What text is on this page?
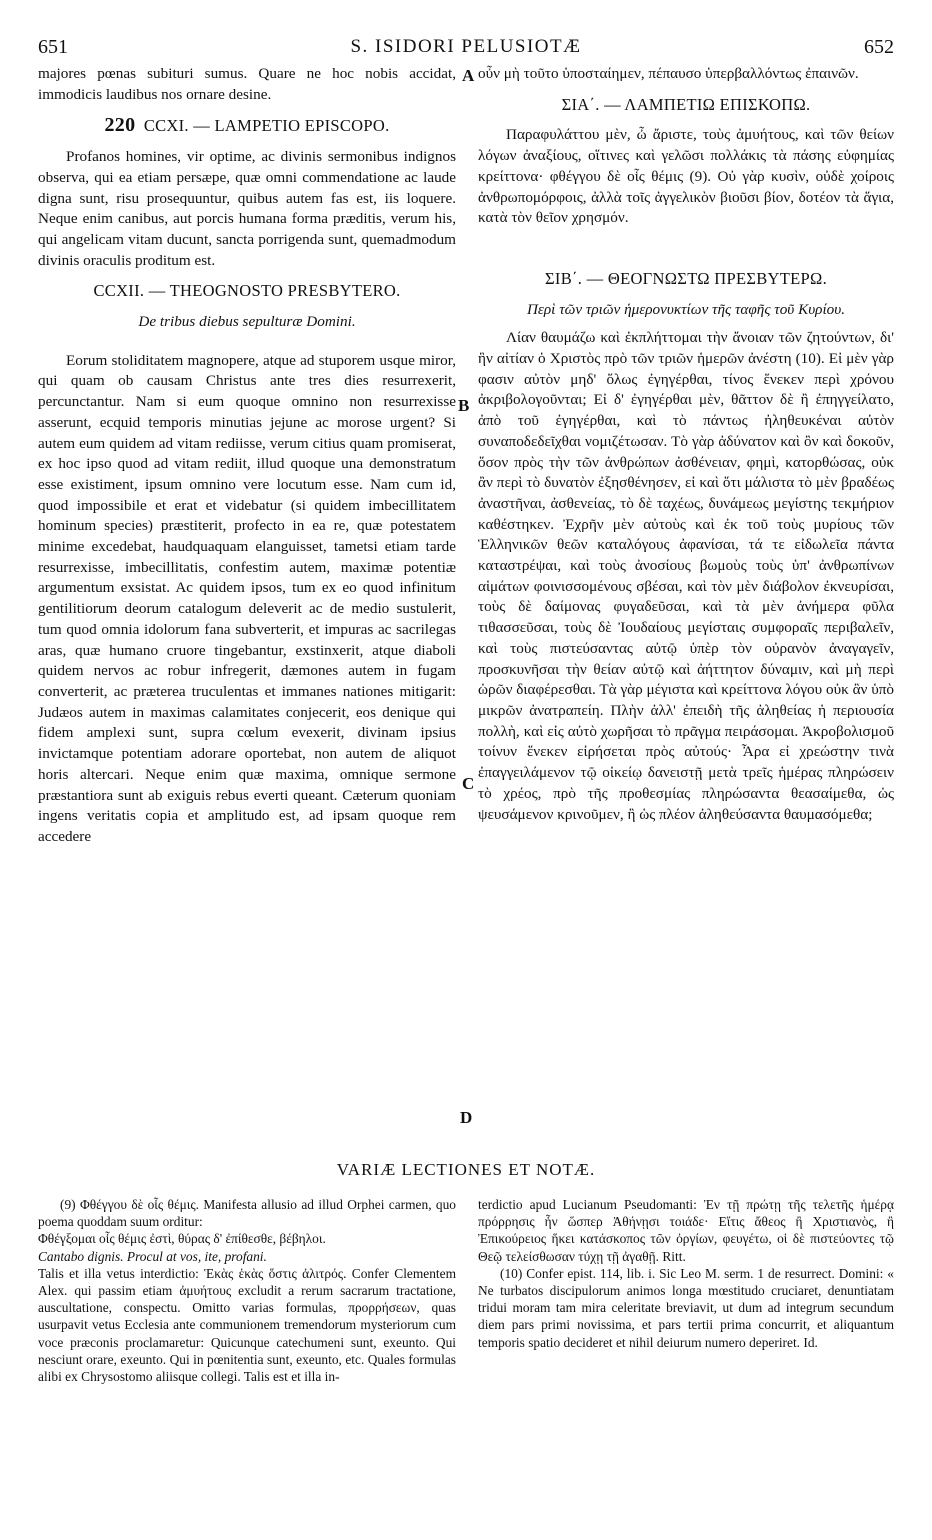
651	S. ISIDORI PELUSIOTÆ	652
A
B
C
D

majores pœnas subituri sumus. Quare ne hoc nobis accidat, immodicis laudibus nos ornare desine.

220 CCXI. — LAMPETIO EPISCOPO.

Profanos homines, vir optime, ac divinis sermonibus indignos observa, qui ea etiam persæpe, quæ omni commendatione ac laude digna sunt, risu prosequuntur, quibus autem fas est, iis loquere. Neque enim canibus, aut porcis humana forma præditis, verum his, qui angelicam vitam ducunt, sancta porrigenda sunt, quemadmodum divinis oraculis proditum est.

CCXII. — THEOGNOSTO PRESBYTERO.
De tribus diebus sepulturæ Domini.

Eorum stoliditatem magnopere, atque ad stuporem usque miror, qui quam ob causam Christus ante tres dies resurrexerit, percunctantur. Nam si eum quoque omnino non resurrexisse asserunt, ecquid temporis minutias jejune ac morose urgent? Si autem eum quidem ad vitam rediisse, verum citius quam promiserat, ex hoc ipso quod ad vitam rediit, illud quoque una demonstratum esse existiment, ipsum omnino vere locutum esse. Nam cum id, quod impossibile et erat et videbatur (si quidem imbecillitatem hominum species) præstiterit, profecto in ea re, quæ potestatem minime excedebat, haudquaquam elanguisset, tametsi etiam tarde resurrexisse, imbecillitatis, confestim autem, maximæ potentiæ argumentum exsistat. Ac quidem ipsos, tum ex eo quod infinitum gentilitiorum deorum catalogum deleverit ac de medio sustulerit, tum quod omnia idolorum fana subverterit, et impuras ac sacrilegas aras, quæ humano cruore tingebantur, exstinxerit, atque diaboli quidem nervos ac robur infregerit, dæmones autem in fugam converterit, ac præterea truculentas et immanes nationes mitigarit: Judæos autem in maximas calamitates conjecerit, eos denique qui fidem amplexi sunt, supra cœlum evexerit, divinam ipsius invictamque potentiam adorare oportebat, non autem de aliquot horis altercari. Neque enim quæ maxima, omnique sermone præstantiora sunt ab exiguis rebus everti queant. Cæterum quoniam ingens veritatis copia et amplitudo est, ad ipsam quoque rem accedere

οὖν μὴ τοῦτο ὑποσταίημεν, πέπαυσο ὑπερβαλλόντως ἐπαινῶν.

ΣΙΑ΄. — ΛΑΜΠΕΤΙΩ ΕΠΙΣΚΟΠΩ.

Παραφυλάττου μὲν, ὦ ἄριστε, τοὺς ἀμυήτους, καὶ τῶν θείων λόγων ἀναξίους, οἵτινες καὶ γελῶσι πολλάκις τὰ πάσης εὐφημίας κρείττονα· φθέγγου δὲ οἷς θέμις (9). Οὐ γὰρ κυσὶν, οὐδὲ χοίροις ἀνθρωπομόρφοις, ἀλλὰ τοῖς ἀγγελικὸν βιοῦσι βίον, δοτέον τὰ ἅγια, κατὰ τὸν θεῖον χρησμόν.

ΣΙΒ΄. — ΘΕΟΓΝΩΣΤΩ ΠΡΕΣΒΥΤΕΡΩ.
Περὶ τῶν τριῶν ἡμερονυκτίων τῆς ταφῆς τοῦ Κυρίου.

Λίαν θαυμάζω καὶ ἐκπλήττομαι τὴν ἄνοιαν τῶν ζητούντων, δι' ἣν αἰτίαν ὁ Χριστὸς πρὸ τῶν τριῶν ἡμερῶν ἀνέστη (10). Εἰ μὲν γὰρ φασιν αὐτὸν μηδ' ὅλως ἐγηγέρθαι, τίνος ἕνεκεν περὶ χρόνου ἀκριβολογοῦνται; Εἰ δ' ἐγηγέρθαι μὲν, θᾶττον δὲ ἢ ἐπηγγείλατο, ἀπὸ τοῦ ἐγηγέρθαι, καὶ τὸ πάντως ἠληθευκέναι αὐτὸν συναποδεδεῖχθαι νομιζέτωσαν. Τὸ γὰρ ἀδύνατον καὶ ὂν καὶ δοκοῦν, ὅσον πρὸς τὴν τῶν ἀνθρώπων ἀσθένειαν, φημὶ, κατορθώσας, οὐκ ἂν περὶ τὸ δυνατὸν ἐξησθένησεν, εἰ καὶ ὅτι μάλιστα τὸ μὲν βραδέως ἀναστῆναι, ἀσθενείας, τὸ δὲ ταχέως, δυνάμεως μεγίστης τεκμήριον καθέστηκεν. Ἐχρῆν μὲν αὐτοὺς καὶ ἐκ τοῦ τοὺς μυρίους τῶν Ἑλληνικῶν θεῶν καταλόγους ἀφανίσαι, τά τε εἰδωλεῖα πάντα καταστρέψαι, καὶ τοὺς ἀνοσίους βωμοὺς τοὺς ὑπ' ἀνθρωπίνων αἱμάτων φοινισσομένους σβέσαι, καὶ τὸν μὲν διάβολον ἐκνευρίσαι, τοὺς δὲ δαίμονας φυγαδεῦσαι, καὶ τὰ μὲν ἀνήμερα φῦλα τιθασσεῦσαι, τοὺς δὲ Ἰουδαίους μεγίσταις συμφοραῖς περιβαλεῖν, καὶ τοὺς πιστεύσαντας αὐτῷ ὑπὲρ τὸν οὐρανὸν ἀναγαγεῖν, προσκυνῆσαι τὴν θείαν αὐτῷ καὶ ἀήττητον δύναμιν, καὶ μὴ περὶ ὡρῶν διαφέρεσθαι. Τὰ γὰρ μέγιστα καὶ κρείττονα λόγου οὐκ ἂν ὑπὸ μικρῶν ἀνατραπείη. Πλὴν ἀλλ' ἐπειδὴ τῆς ἀληθείας ἡ περιουσία πολλὴ, καὶ εἰς αὐτὸ χωρῆσαι τὸ πρᾶγμα πειράσομαι. Ἀκροβολισμοῦ τοίνυν ἕνεκεν εἰρήσεται πρὸς αὐτούς· Ἆρα εἰ χρεώστην τινὰ ἐπαγγειλάμενον τῷ οἰκείῳ δανειστῇ μετὰ τρεῖς ἡμέρας πληρώσειν τὸ χρέος, πρὸ τῆς προθεσμίας πληρώσαντα θεασαίμεθα, ὡς ψευσάμενον κρινοῦμεν, ἢ ὡς πλέον ἀληθεύσαντα θαυμασόμεθα;

VARIÆ LECTIONES ET NOTÆ.

(9) Φθέγγου δὲ οἷς θέμις. Manifesta allusio ad illud Orphei carmen, quo poema quoddam suum orditur:

Φθέγξομαι οἷς θέμις ἐστὶ, θύρας δ' ἐπίθεσθε, βέβηλοι.

Cantabo dignis. Procul at vos, ite, profani.

Talis et illa vetus interdictio: Ἑκὰς ἑκὰς ὅστις ἀλιτρός. Confer Clementem Alex. qui passim etiam ἀμυήτους excludit a rerum sacrarum tractatione, auscultatione, conspectu. Omitto varias formulas, προρρήσεων, quas usurpavit vetus Ecclesia ante communionem tremendorum mysteriorum cum voce præconis proclamaretur: Quicunque catechumeni sunt, exeunto. Qui nesciunt orare, exeunto. Qui in pœnitentia sunt, exeunto, etc. Quales formulas alibi ex Chrysostomo aliisque collegi. Talis est et illa in-

terdictio apud Lucianum Pseudomanti: Ἐν τῇ πρώτῃ τῆς τελετῆς ἡμέρᾳ πρόρρησις ἦν ὥσπερ Ἀθήνῃσι τοιάδε· Εἴτις ἄθεος ἢ Χριστιανὸς, ἢ Ἐπικούρειος ἥκει κατάσκοπος τῶν ὀργίων, φευγέτω, οἱ δὲ πιστεύοντες τῷ Θεῷ τελείσθωσαν τύχῃ τῇ ἀγαθῇ. Ritt.

(10) Confer epist. 114, lib. i. Sic Leo M. serm. 1 de resurrect. Domini: « Ne turbatos discipulorum animos longa mœstitudo cruciaret, denuntiatam tridui moram tam mira celeritate breviavit, ut dum ad integrum secundum diem pars primi novissima, et pars tertii prima concurrit, et aliquantum temporis spatio decideret et nihil deiurum numero deperiret. Id.
